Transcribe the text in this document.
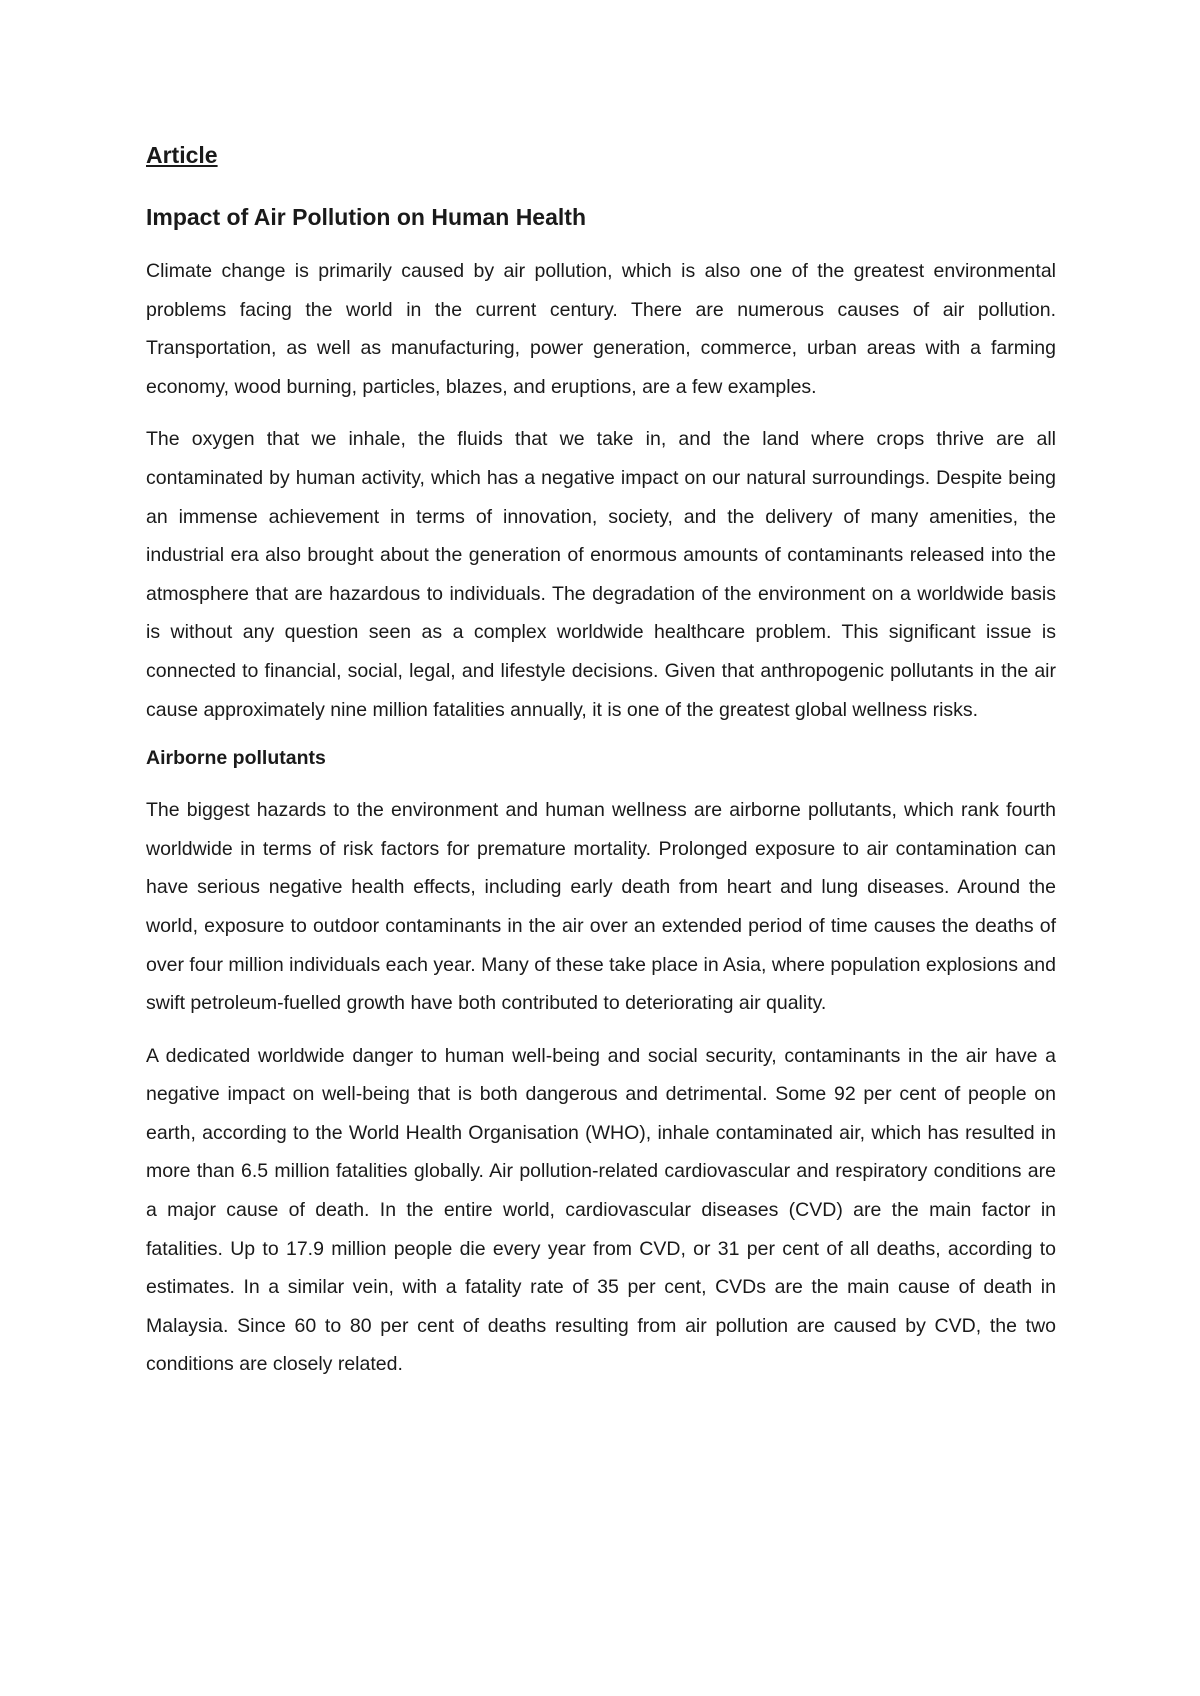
Article
Impact of Air Pollution on Human Health

Climate change is primarily caused by air pollution, which is also one of the greatest environmental problems facing the world in the current century. There are numerous causes of air pollution. Transportation, as well as manufacturing, power generation, commerce, urban areas with a farming economy, wood burning, particles, blazes, and eruptions, are a few examples.

The oxygen that we inhale, the fluids that we take in, and the land where crops thrive are all contaminated by human activity, which has a negative impact on our natural surroundings. Despite being an immense achievement in terms of innovation, society, and the delivery of many amenities, the industrial era also brought about the generation of enormous amounts of contaminants released into the atmosphere that are hazardous to individuals. The degradation of the environment on a worldwide basis is without any question seen as a complex worldwide healthcare problem. This significant issue is connected to financial, social, legal, and lifestyle decisions. Given that anthropogenic pollutants in the air cause approximately nine million fatalities annually, it is one of the greatest global wellness risks.

Airborne pollutants

The biggest hazards to the environment and human wellness are airborne pollutants, which rank fourth worldwide in terms of risk factors for premature mortality. Prolonged exposure to air contamination can have serious negative health effects, including early death from heart and lung diseases. Around the world, exposure to outdoor contaminants in the air over an extended period of time causes the deaths of over four million individuals each year. Many of these take place in Asia, where population explosions and swift petroleum-fuelled growth have both contributed to deteriorating air quality.

A dedicated worldwide danger to human well-being and social security, contaminants in the air have a negative impact on well-being that is both dangerous and detrimental. Some 92 per cent of people on earth, according to the World Health Organisation (WHO), inhale contaminated air, which has resulted in more than 6.5 million fatalities globally. Air pollution-related cardiovascular and respiratory conditions are a major cause of death. In the entire world, cardiovascular diseases (CVD) are the main factor in fatalities. Up to 17.9 million people die every year from CVD, or 31 per cent of all deaths, according to estimates. In a similar vein, with a fatality rate of 35 per cent, CVDs are the main cause of death in Malaysia. Since 60 to 80 per cent of deaths resulting from air pollution are caused by CVD, the two conditions are closely related.
